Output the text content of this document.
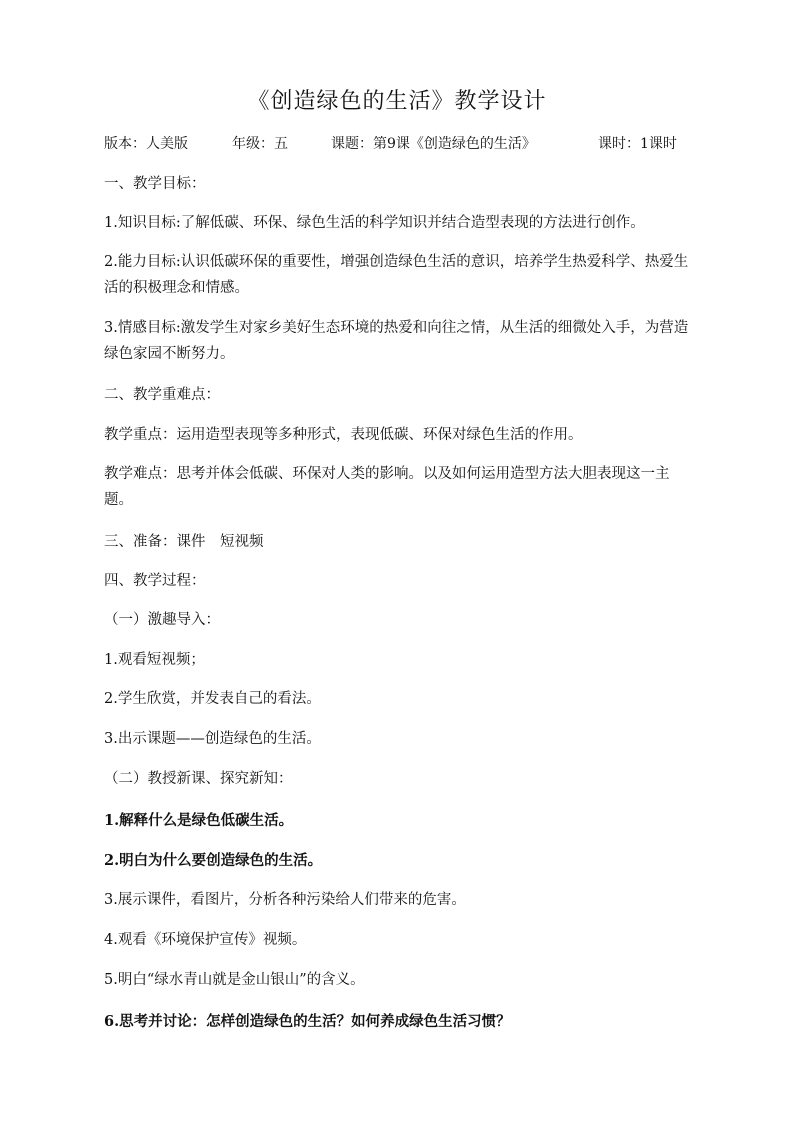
《创造绿色的生活》教学设计
版本：人美版	年级：五	课题：第9课《创造绿色的生活》	课时：1课时
一、教学目标：
1.知识目标:了解低碳、环保、绿色生活的科学知识并结合造型表现的方法进行创作。
2.能力目标:认识低碳环保的重要性，增强创造绿色生活的意识，培养学生热爱科学、热爱生活的积极理念和情感。
3.情感目标:激发学生对家乡美好生态环境的热爱和向往之情，从生活的细微处入手，为营造绿色家园不断努力。
二、教学重难点：
教学重点：运用造型表现等多种形式，表现低碳、环保对绿色生活的作用。
教学难点：思考并体会低碳、环保对人类的影响。以及如何运用造型方法大胆表现这一主题。
三、准备：课件　短视频
四、教学过程：
（一）激趣导入：
1.观看短视频；
2.学生欣赏，并发表自己的看法。
3.出示课题——创造绿色的生活。
（二）教授新课、探究新知：
1.解释什么是绿色低碳生活。
2.明白为什么要创造绿色的生活。
3.展示课件，看图片，分析各种污染给人们带来的危害。
4.观看《环境保护宣传》视频。
5.明白“绿水青山就是金山银山”的含义。
6.思考并讨论：怎样创造绿色的生活？如何养成绿色生活习惯？
